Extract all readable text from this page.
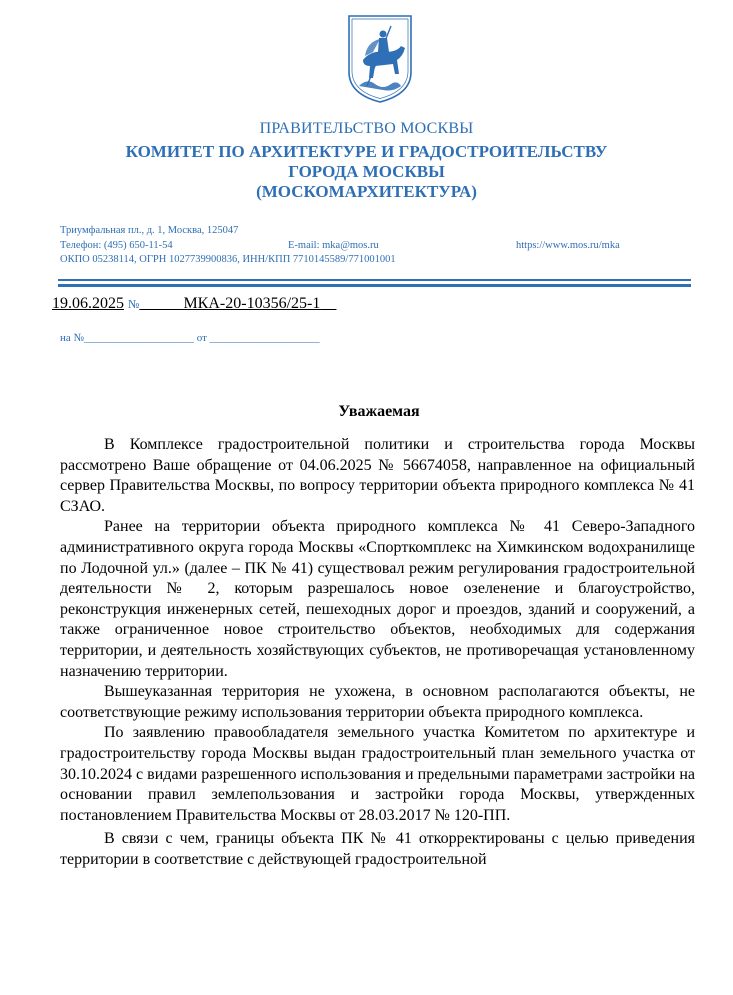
ПРАВИТЕЛЬСТВО МОСКВЫ
КОМИТЕТ ПО АРХИТЕКТУРЕ И ГРАДОСТРОИТЕЛЬСТВУ
ГОРОДА МОСКВЫ
(МОСКОМАРХИТЕКТУРА)
Триумфальная пл., д. 1, Москва, 125047
Телефон: (495) 650-11-54	E-mail: mka@mos.ru	https://www.mos.ru/mka
ОКПО 05238114, ОГРН 1027739900836, ИНН/КПП 7710145589/771001001
19.06.2025 №_____ МКА-20-10356/25-1__
на №____________________ от ____________________
Уважаемая

В Комплексе градостроительной политики и строительства города Москвы рассмотрено Ваше обращение от 04.06.2025 № 56674058, направленное на официальный сервер Правительства Москвы, по вопросу территории объекта природного комплекса № 41 СЗАО.

Ранее на территории объекта природного комплекса № 41 Северо-Западного административного округа города Москвы «Спорткомплекс на Химкинском водохранилище по Лодочной ул.» (далее – ПК № 41) существовал режим регулирования градостроительной деятельности № 2, которым разрешалось новое озеленение и благоустройство, реконструкция инженерных сетей, пешеходных дорог и проездов, зданий и сооружений, а также ограниченное новое строительство объектов, необходимых для содержания территории, и деятельность хозяйствующих субъектов, не противоречащая установленному назначению территории.

Вышеуказанная территория не ухожена, в основном располагаются объекты, не соответствующие режиму использования территории объекта природного комплекса.

По заявлению правообладателя земельного участка Комитетом по архитектуре и градостроительству города Москвы выдан градостроительный план земельного участка от 30.10.2024 с видами разрешенного использования и предельными параметрами застройки на основании правил землепользования и застройки города Москвы, утвержденных постановлением Правительства Москвы от 28.03.2017 № 120-ПП.

В связи с чем, границы объекта ПК № 41 откорректированы с целью приведения территории в соответствие с действующей градостроительной
